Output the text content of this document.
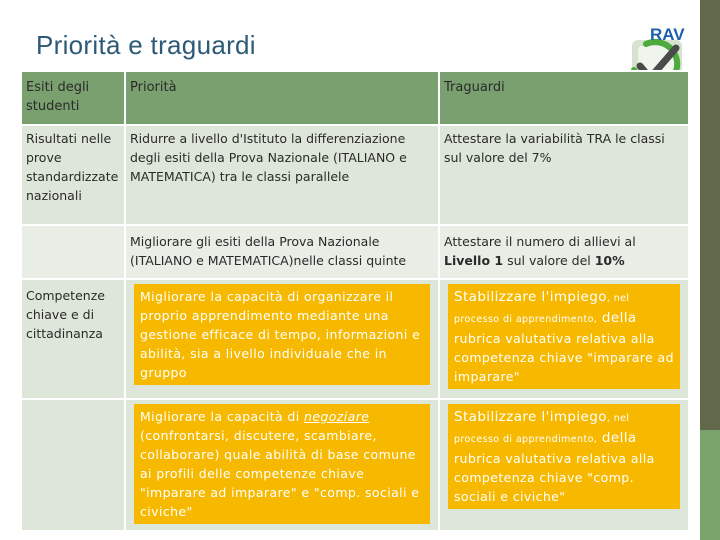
Priorità e traguardi	RAV
Esiti degli studenti	Priorità	Traguardi

Risultati nelle prove standardizzate nazionali	Ridurre a livello d'Istituto la differenziazione degli esiti della Prova Nazionale (ITALIANO e MATEMATICA) tra le classi parallele	Attestare la variabilità TRA le classi sul valore del 7%

	Migliorare gli esiti della Prova Nazionale (ITALIANO e MATEMATICA)nelle classi quinte	Attestare il numero di allievi al Livello 1 sul valore del 10%

Competenze chiave e di cittadinanza	Migliorare la capacità di organizzare il proprio apprendimento mediante una gestione efficace di tempo, informazioni e abilità, sia a livello individuale che in gruppo	Stabilizzare l'impiego, nel processo di apprendimento, della rubrica valutativa relativa alla competenza chiave "imparare ad imparare"

	Migliorare la capacità di negoziare (confrontarsi, discutere, scambiare, collaborare) quale abilità di base comune ai profili delle competenze chiave "imparare ad imparare" e "comp. sociali e civiche"	Stabilizzare l'impiego, nel processo di apprendimento, della rubrica valutativa relativa alla competenza chiave "comp. sociali e civiche"
